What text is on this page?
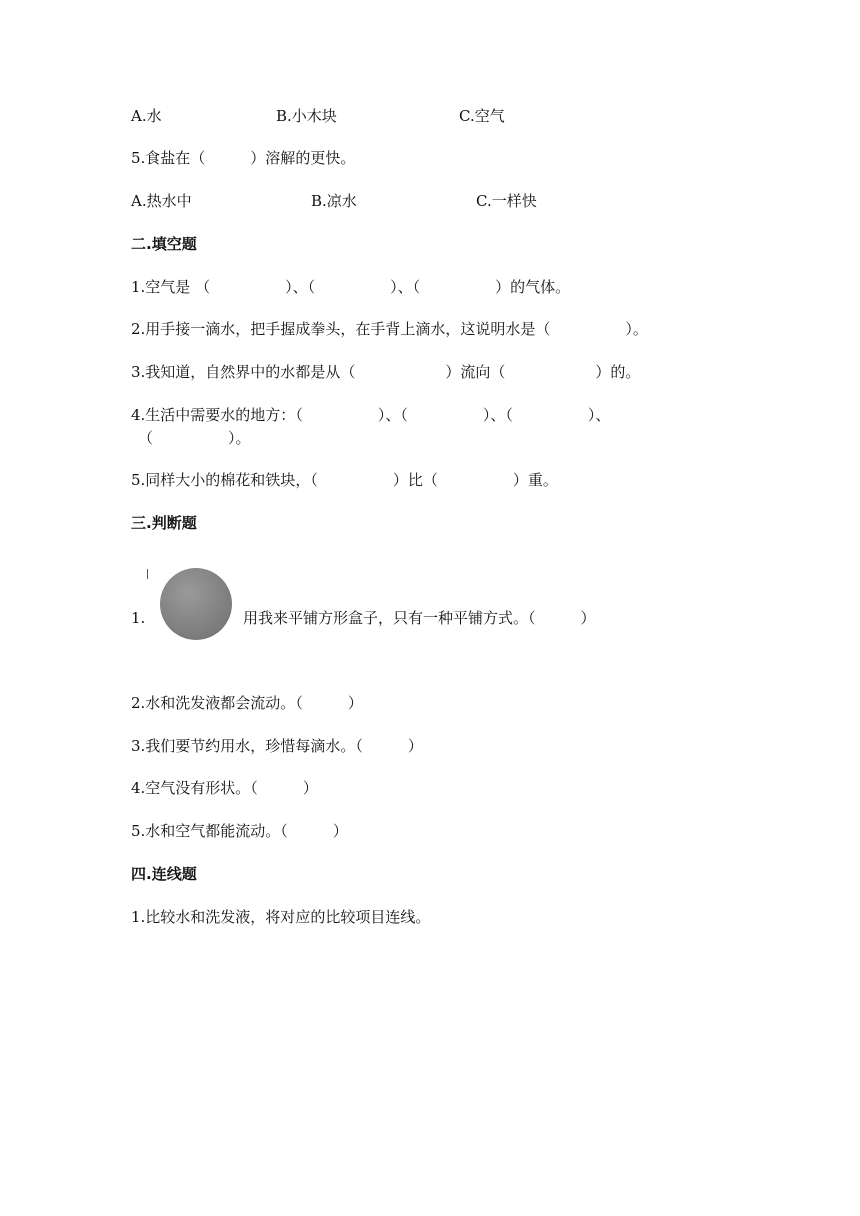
A.水	B.小木块	C.空气
5.食盐在（　　　）溶解的更快。
A.热水中	B.凉水	C.一样快
二.填空题
1.空气是 （　　　　　）、（　　　　　）、（　　　　　）的气体。
2.用手接一滴水，把手握成拳头，在手背上滴水，这说明水是（　　　　　）。
3.我知道，自然界中的水都是从（　　　　　　）流向（　　　　　　）的。
4.生活中需要水的地方：（　　　　　）、（　　　　　）、（　　　　　）、
（　　　　　）。
5.同样大小的棉花和铁块，（　　　　　）比（　　　　　）重。
三.判断题
1.	用我来平铺方形盒子，只有一种平铺方式。（　　　）
2.水和洗发液都会流动。（　　　）
3.我们要节约用水，珍惜每滴水。（　　　）
4.空气没有形状。（　　　）
5.水和空气都能流动。（　　　）
四.连线题
1.比较水和洗发液，将对应的比较项目连线。
